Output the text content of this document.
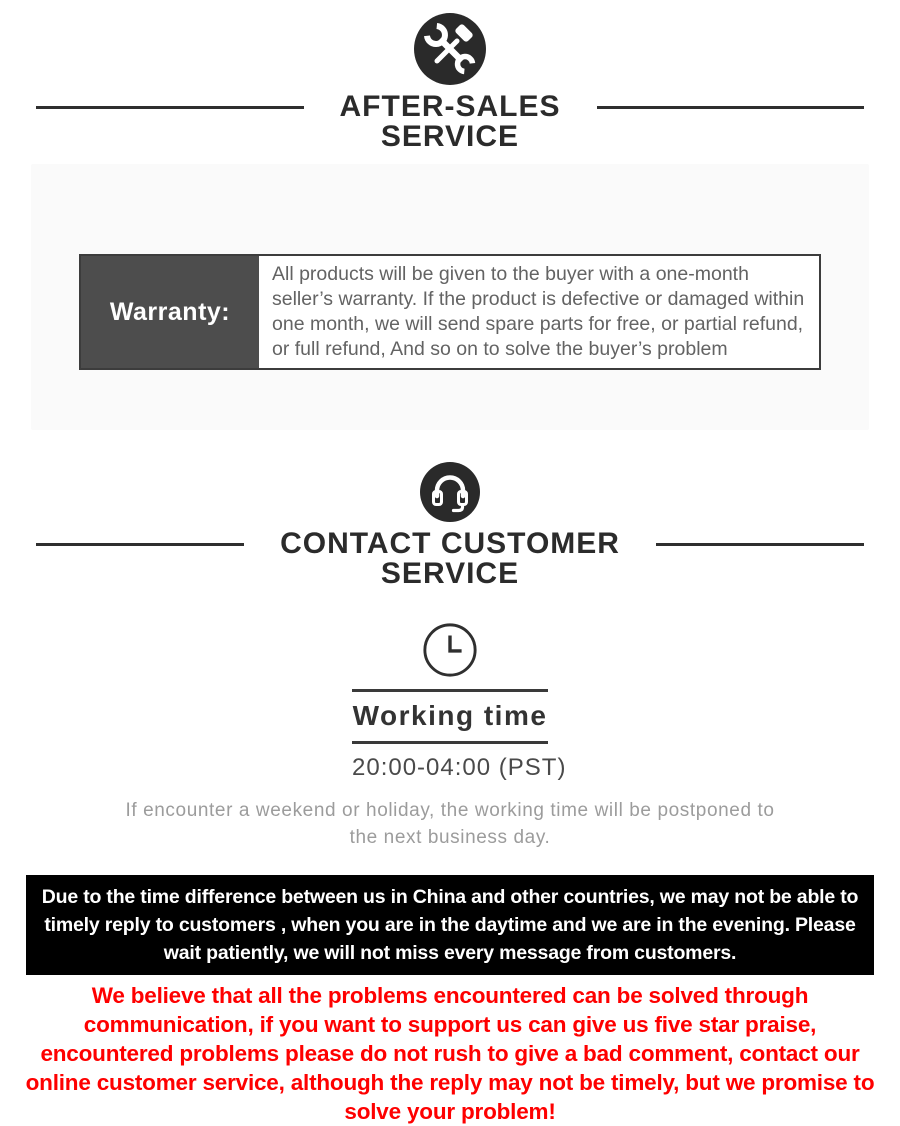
AFTER-SALES
SERVICE
Warranty:
All products will be given to the buyer with a one-month seller’s warranty. If the product is defective or damaged within one month, we will send spare parts for free, or partial refund, or full refund, And so on to solve the buyer’s problem
CONTACT CUSTOMER
SERVICE
Working time
20:00-04:00 (PST)
If encounter a weekend or holiday, the working time will be postponed to the next business day.
Due to the time difference between us in China and other countries, we may not be able to timely reply to customers , when you are in the daytime and we are in the evening. Please wait patiently, we will not miss every message from customers.
We believe that all the problems encountered can be solved through communication, if you want to support us can give us five star praise, encountered problems please do not rush to give a bad comment, contact our online customer service, although the reply may not be timely, but we promise to solve your problem!
